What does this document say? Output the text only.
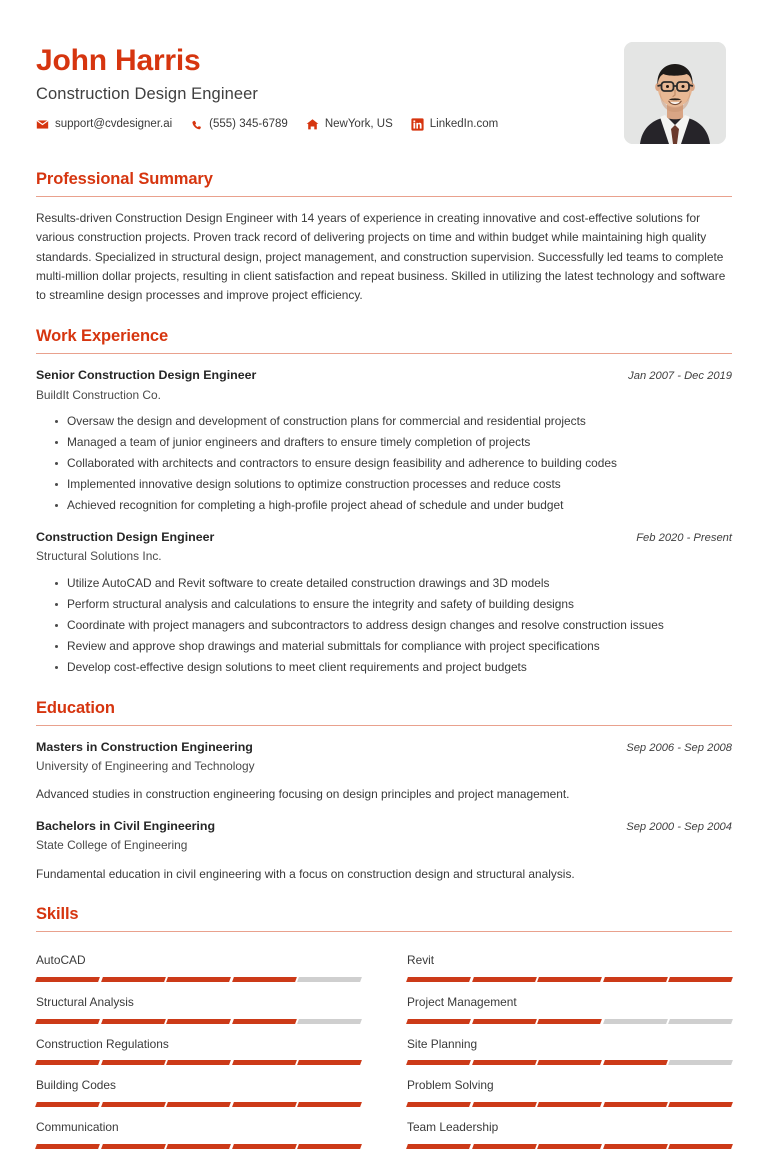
John Harris
Construction Design Engineer
support@cvdesigner.ai	(555) 345-6789	NewYork, US	LinkedIn.com
Professional Summary

Results-driven Construction Design Engineer with 14 years of experience in creating innovative and cost-effective solutions for various construction projects. Proven track record of delivering projects on time and within budget while maintaining high quality standards. Specialized in structural design, project management, and construction supervision. Successfully led teams to complete multi-million dollar projects, resulting in client satisfaction and repeat business. Skilled in utilizing the latest technology and software to streamline design processes and improve project efficiency.

Work Experience
Senior Construction Design Engineer	Jan 2007 - Dec 2019
BuildIt Construction Co.
Oversaw the design and development of construction plans for commercial and residential projects
Managed a team of junior engineers and drafters to ensure timely completion of projects
Collaborated with architects and contractors to ensure design feasibility and adherence to building codes
Implemented innovative design solutions to optimize construction processes and reduce costs
Achieved recognition for completing a high-profile project ahead of schedule and under budget
Construction Design Engineer	Feb 2020 - Present
Structural Solutions Inc.
Utilize AutoCAD and Revit software to create detailed construction drawings and 3D models
Perform structural analysis and calculations to ensure the integrity and safety of building designs
Coordinate with project managers and subcontractors to address design changes and resolve construction issues
Review and approve shop drawings and material submittals for compliance with project specifications
Develop cost-effective design solutions to meet client requirements and project budgets
Education
Masters in Construction Engineering	Sep 2006 - Sep 2008
University of Engineering and Technology
Advanced studies in construction engineering focusing on design principles and project management.
Bachelors in Civil Engineering	Sep 2000 - Sep 2004
State College of Engineering
Fundamental education in civil engineering with a focus on construction design and structural analysis.
Skills
AutoCAD	Revit
Structural Analysis	Project Management
Construction Regulations	Site Planning
Building Codes	Problem Solving
Communication	Team Leadership
